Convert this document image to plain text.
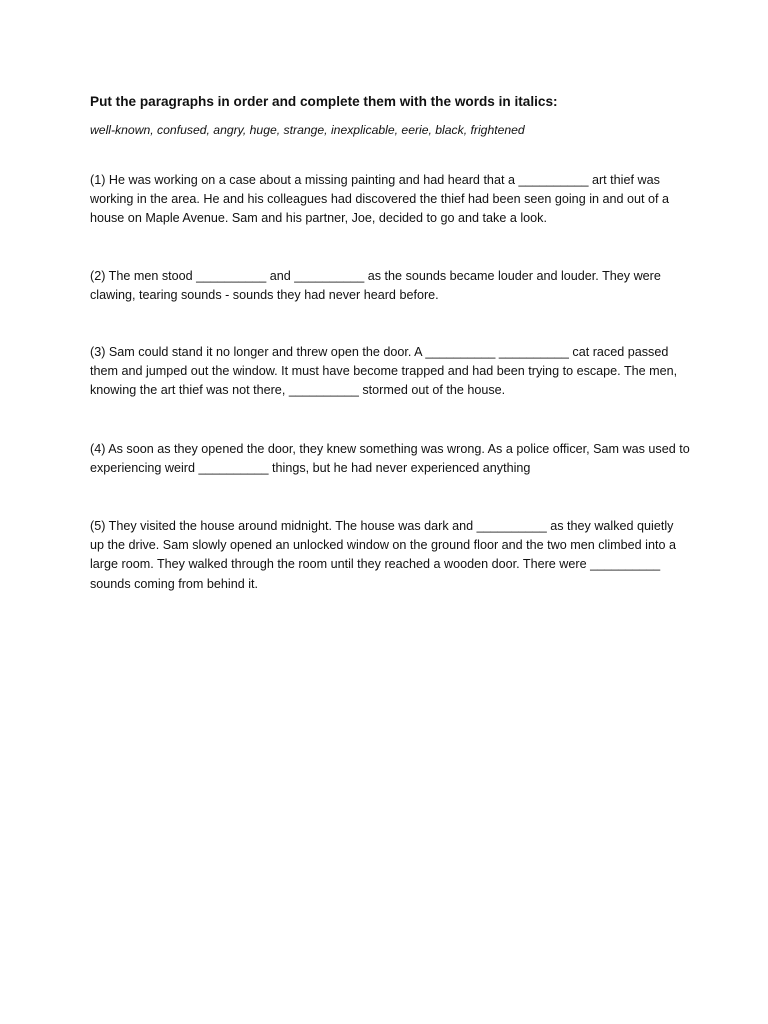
Put the paragraphs in order and complete them with the words in italics:

well-known, confused, angry, huge, strange, inexplicable, eerie, black, frightened

(1) He was working on a case about a missing painting and had heard that a __________ art thief was working in the area. He and his colleagues had discovered the thief had been seen going in and out of a house on Maple Avenue. Sam and his partner, Joe, decided to go and take a look.

(2) The men stood __________ and __________ as the sounds became louder and louder. They were clawing, tearing sounds - sounds they had never heard before.

(3) Sam could stand it no longer and threw open the door. A __________ __________ cat raced passed them and jumped out the window. It must have become trapped and had been trying to escape. The men, knowing the art thief was not there, __________ stormed out of the house.

(4) As soon as they opened the door, they knew something was wrong. As a police officer, Sam was used to experiencing weird __________ things, but he had never experienced anything

(5) They visited the house around midnight. The house was dark and __________ as they walked quietly up the drive. Sam slowly opened an unlocked window on the ground floor and the two men climbed into a large room. They walked through the room until they reached a wooden door. There were __________ sounds coming from behind it.
